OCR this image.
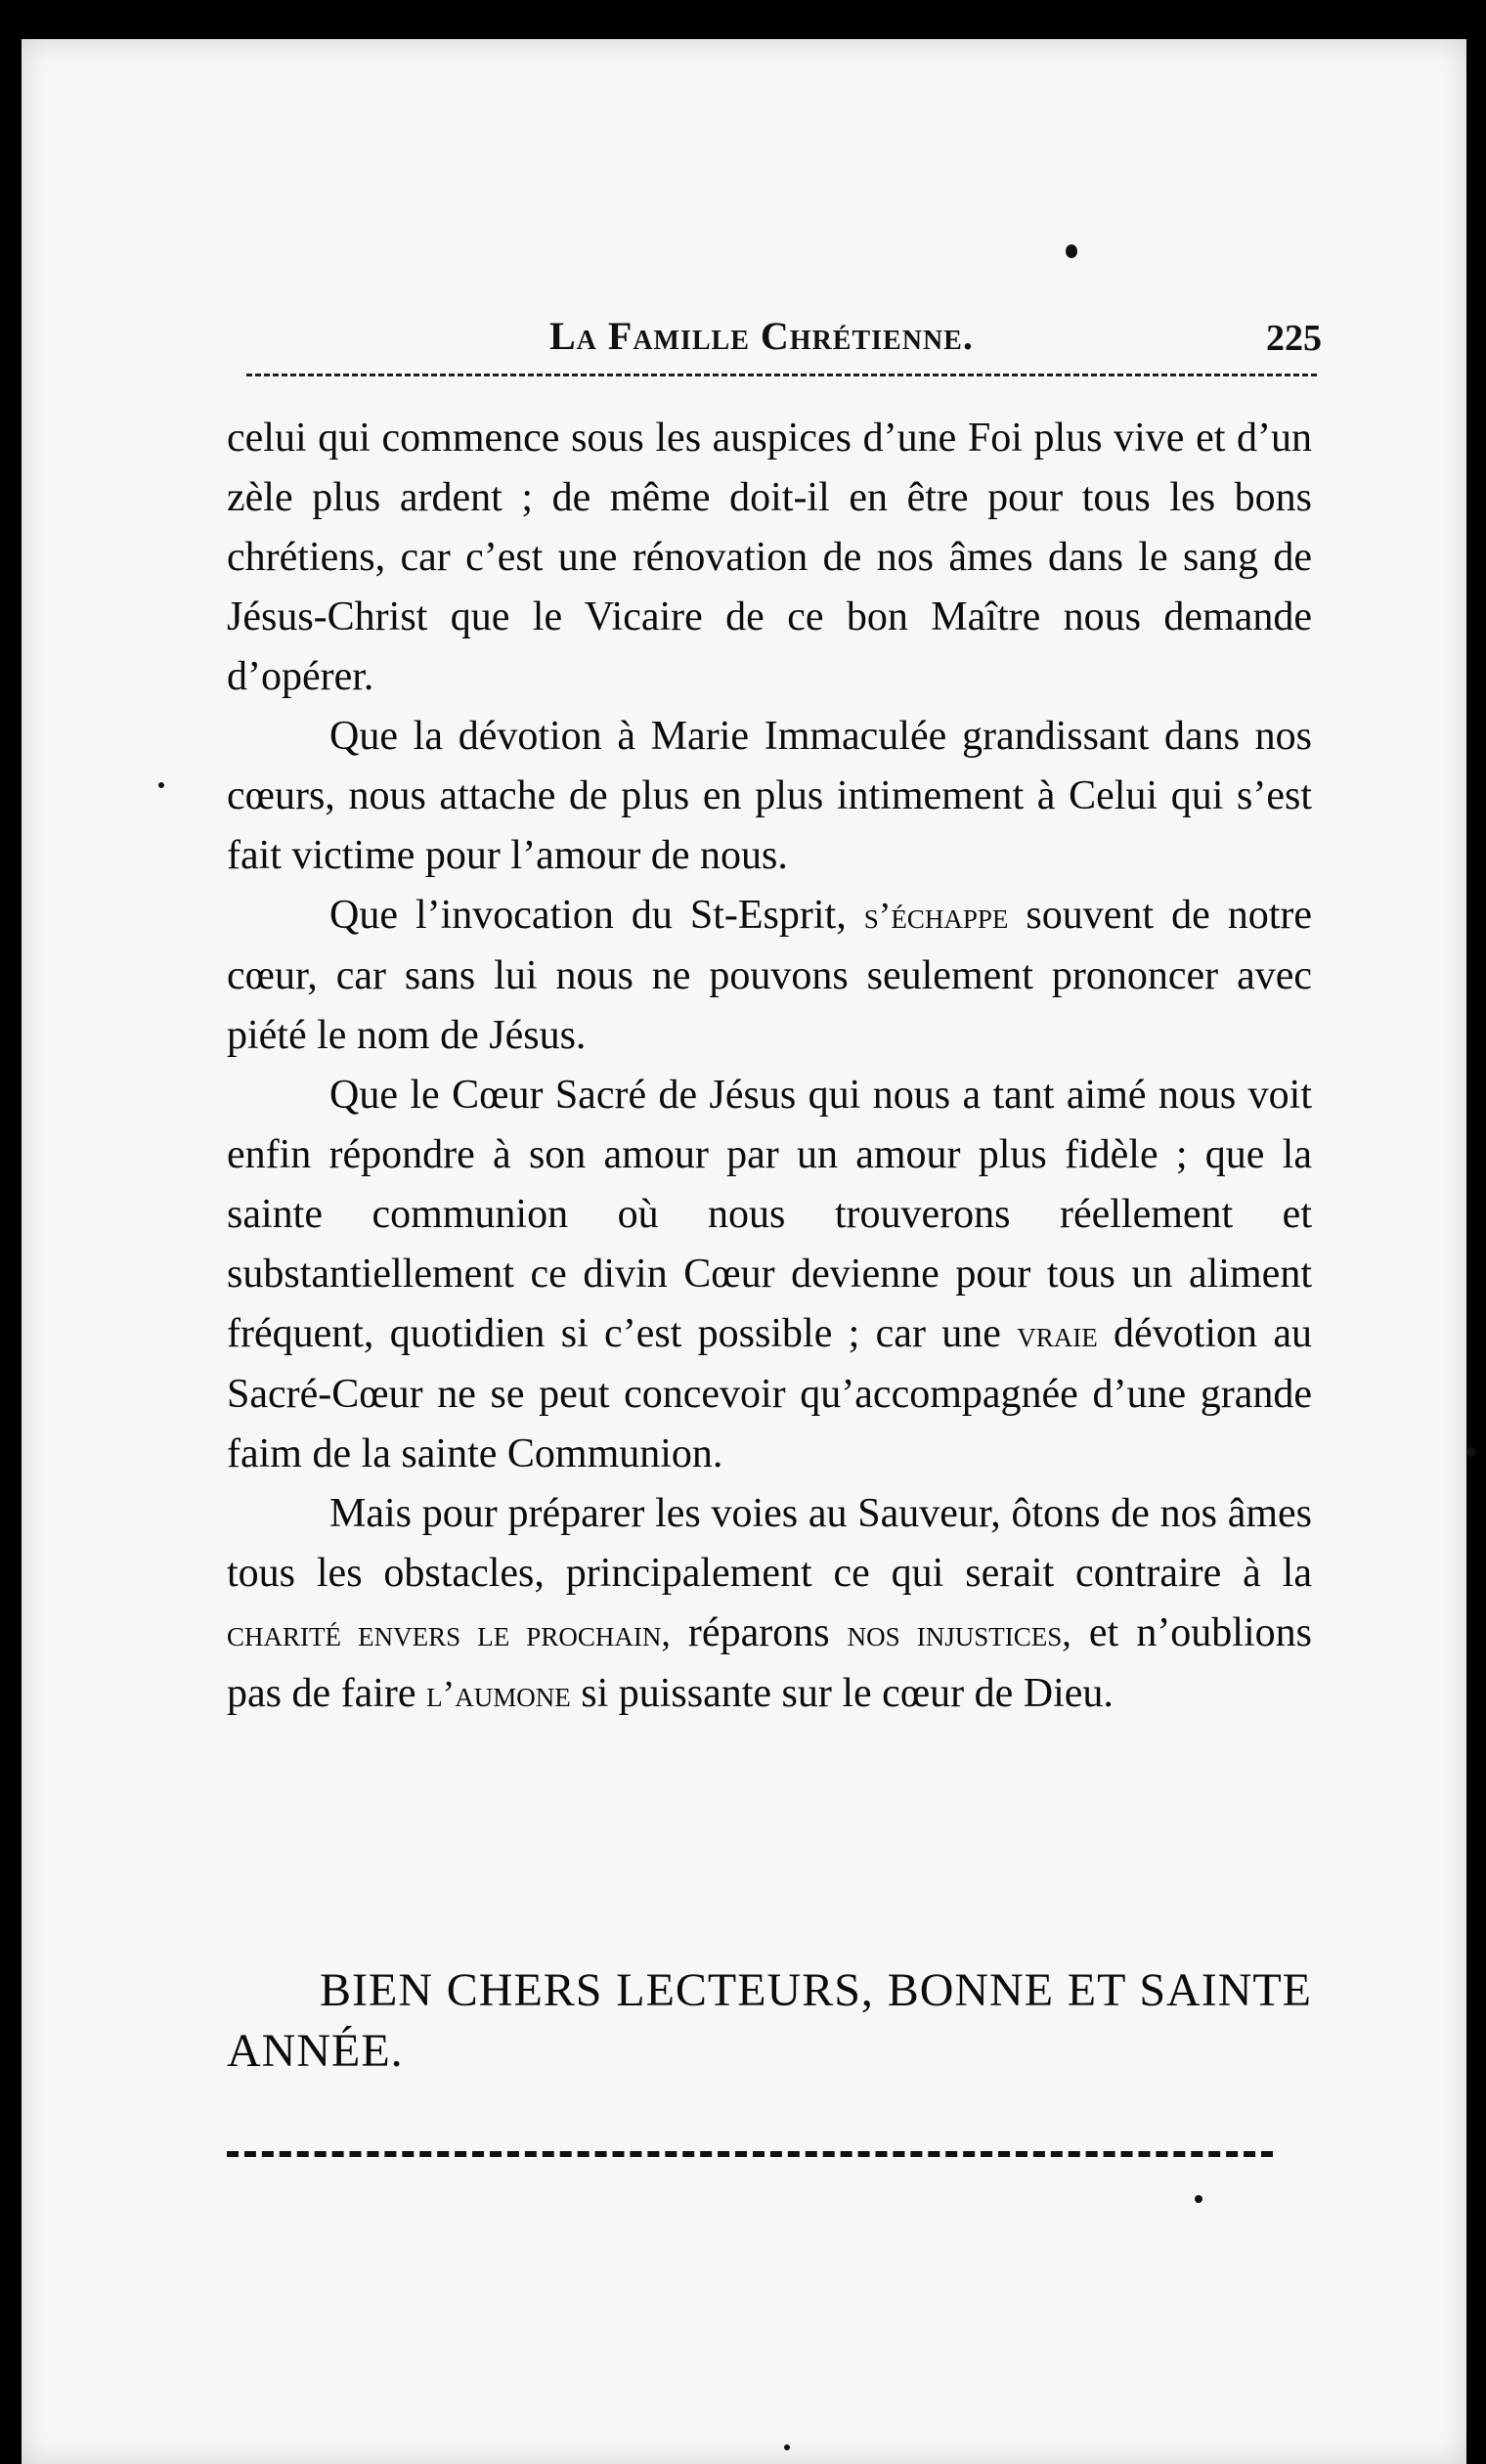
La Famille Chrétienne.	225

celui qui commence sous les auspices d’une Foi plus vive et d’un zèle plus ardent ; de même doit-il en être pour tous les bons chrétiens, car c’est une rénovation de nos âmes dans le sang de Jésus-Christ que le Vicaire de ce bon Maître nous demande d’opérer.

Que la dévotion à Marie Immaculée grandissant dans nos cœurs, nous attache de plus en plus intimement à Celui qui s’est fait victime pour l’amour de nous.

Que l’invocation du St-Esprit, s’échappe souvent de notre cœur, car sans lui nous ne pouvons seulement prononcer avec piété le nom de Jésus.

Que le Cœur Sacré de Jésus qui nous a tant aimé nous voit enfin répondre à son amour par un amour plus fidèle ; que la sainte communion où nous trouverons réellement et substantiellement ce divin Cœur devienne pour tous un aliment fréquent, quotidien si c’est possible ; car une vraie dévotion au Sacré-Cœur ne se peut concevoir qu’accompagnée d’une grande faim de la sainte Communion.

Mais pour préparer les voies au Sauveur, ôtons de nos âmes tous les obstacles, principalement ce qui serait contraire à la charité envers le prochain, réparons nos injustices, et n’oublions pas de faire l’aumone si puissante sur le cœur de Dieu.

BIEN CHERS LECTEURS, BONNE ET SAINTE ANNÉE.
